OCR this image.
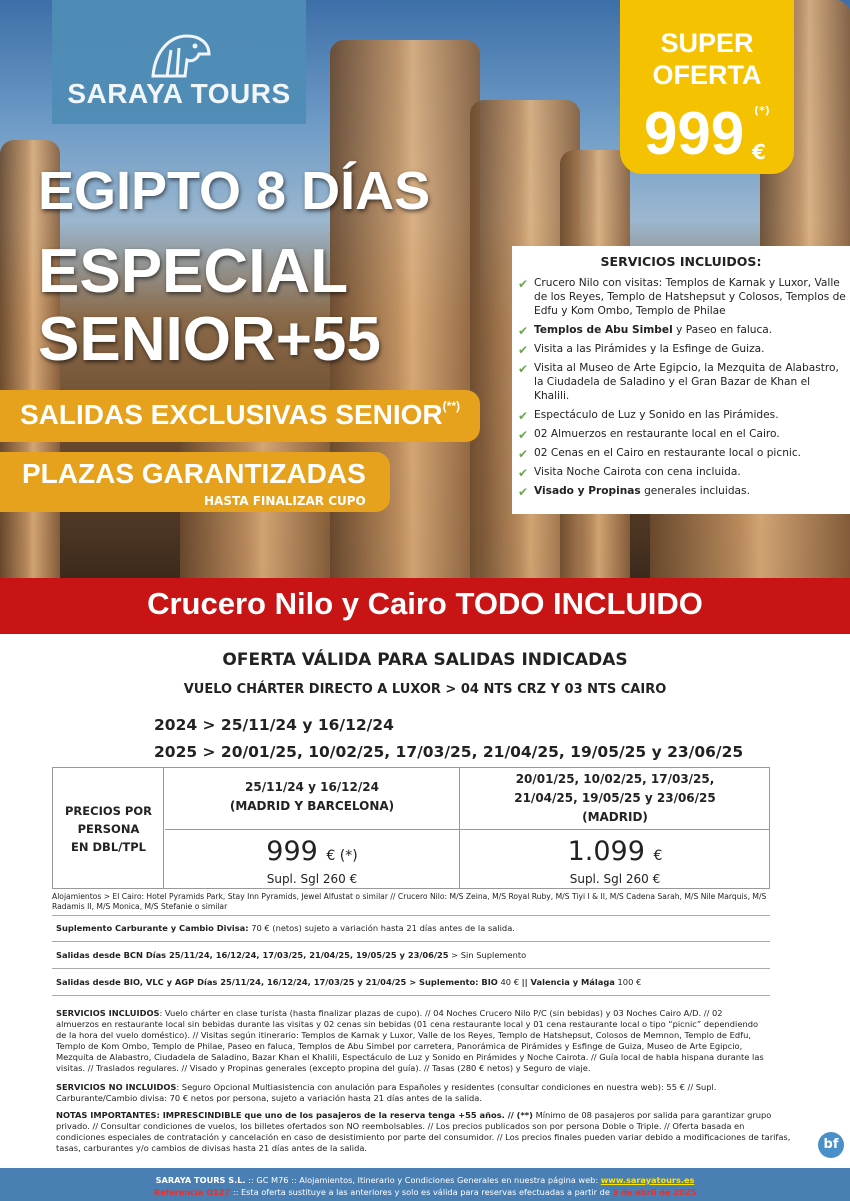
SARAYA TOURS
SUPER
OFERTA
999 (*)
€
EGIPTO 8 DÍAS
ESPECIAL
SENIOR+55
SALIDAS EXCLUSIVAS SENIOR(**)
PLAZAS GARANTIZADAS
HASTA FINALIZAR CUPO
SERVICIOS INCLUIDOS:
✔ Crucero Nilo con visitas: Templos de Karnak y Luxor, Valle de los Reyes, Templo de Hatshepsut y Colosos, Templos de Edfu y Kom Ombo, Templo de Philae
✔ Templos de Abu Simbel y Paseo en faluca.
✔ Visita a las Pirámides y la Esfinge de Guiza.
✔ Visita al Museo de Arte Egipcio, la Mezquita de Alabastro, la Ciudadela de Saladino y el Gran Bazar de Khan el Khalili.
✔ Espectáculo de Luz y Sonido en las Pirámides.
✔ 02 Almuerzos en restaurante local en el Cairo.
✔ 02 Cenas en el Cairo en restaurante local o picnic.
✔ Visita Noche Cairota con cena incluida.
✔ Visado y Propinas generales incluidas.
Crucero Nilo y Cairo TODO INCLUIDO
OFERTA VÁLIDA PARA SALIDAS INDICADAS
VUELO CHÁRTER DIRECTO A LUXOR > 04 NTS CRZ Y 03 NTS CAIRO
2024 > 25/11/24 y 16/12/24
2025 > 20/01/25, 10/02/25, 17/03/25, 21/04/25, 19/05/25 y 23/06/25
PRECIOS POR
PERSONA
EN DBL/TPL
25/11/24 y 16/12/24
(MADRID Y BARCELONA)
20/01/25, 10/02/25, 17/03/25,
21/04/25, 19/05/25 y 23/06/25
(MADRID)
999 € (*)	1.099 €
Supl. Sgl 260 €	Supl. Sgl 260 €
Alojamientos > El Cairo: Hotel Pyramids Park, Stay Inn Pyramids, Jewel Alfustat o similar // Crucero Nilo: M/S Zeina, M/S Royal Ruby, M/S Tiyi I & II, M/S Cadena Sarah, M/S Nile Marquis, M/S Radamis II, M/S Monica, M/S Stefanie o similar
Suplemento Carburante y Cambio Divisa: 70 € (netos) sujeto a variación hasta 21 días antes de la salida.
Salidas desde BCN Días 25/11/24, 16/12/24, 17/03/25, 21/04/25, 19/05/25 y 23/06/25 > Sin Suplemento
Salidas desde BIO, VLC y AGP Días 25/11/24, 16/12/24, 17/03/25 y 21/04/25 > Suplemento: BIO 40 € || Valencia y Málaga 100 €
SERVICIOS INCLUIDOS: Vuelo chárter en clase turista (hasta finalizar plazas de cupo). // 04 Noches Crucero Nilo P/C (sin bebidas) y 03 Noches Cairo A/D. // 02 almuerzos en restaurante local sin bebidas durante las visitas y 02 cenas sin bebidas (01 cena restaurante local y 01 cena restaurante local o tipo “picnic” dependiendo de la hora del vuelo doméstico). // Visitas según itinerario: Templos de Karnak y Luxor, Valle de los Reyes, Templo de Hatshepsut, Colosos de Memnon, Templo de Edfu, Templo de Kom Ombo, Templo de Philae, Paseo en faluca, Templos de Abu Simbel por carretera, Panorámica de Pirámides y Esfinge de Guiza, Museo de Arte Egipcio, Mezquita de Alabastro, Ciudadela de Saladino, Bazar Khan el Khalili, Espectáculo de Luz y Sonido en Pirámides y Noche Cairota. // Guía local de habla hispana durante las visitas. // Traslados regulares. // Visado y Propinas generales (excepto propina del guía). // Tasas (280 € netos) y Seguro de viaje.
SERVICIOS NO INCLUIDOS: Seguro Opcional Multiasistencia con anulación para Españoles y residentes (consultar condiciones en nuestra web): 55 € // Supl. Carburante/Cambio divisa: 70 € netos por persona, sujeto a variación hasta 21 días antes de la salida.
NOTAS IMPORTANTES: IMPRESCINDIBLE que uno de los pasajeros de la reserva tenga +55 años. // (**) Mínimo de 08 pasajeros por salida para garantizar grupo privado. // Consultar condiciones de vuelos, los billetes ofertados son NO reembolsables. // Los precios publicados son por persona Doble o Triple. // Oferta basada en condiciones especiales de contratación y cancelación en caso de desistimiento por parte del consumidor. // Los precios finales pueden variar debido a modificaciones de tarifas, tasas, carburantes y/o cambios de divisas hasta 21 días antes de la salida.	bf
SARAYA TOURS S.L. :: GC M76 :: Alojamientos, Itinerario y Condiciones Generales en nuestra página web: www.sarayatours.es
Referencia O127 :: Esta oferta sustituye a las anteriores y solo es válida para reservas efectuadas a partir de 3 de abril de 2025
